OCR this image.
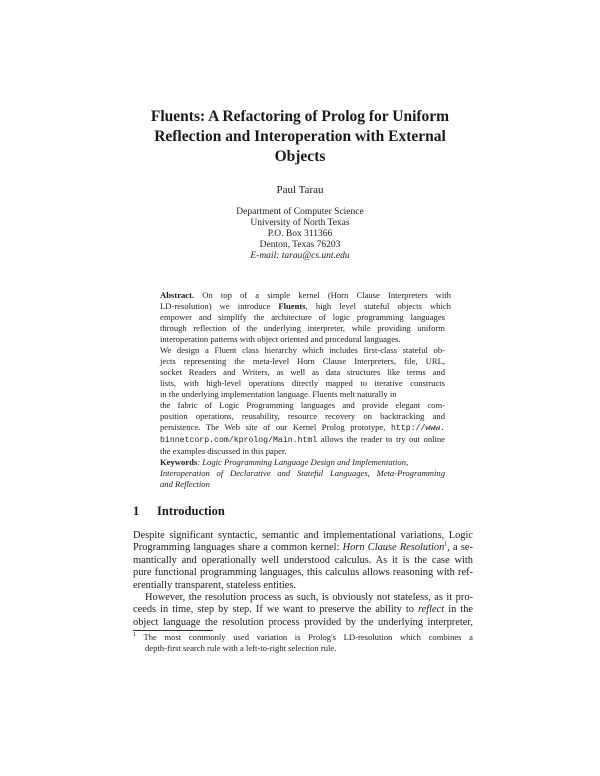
Fluents: A Refactoring of Prolog for Uniform
Reflection and Interoperation with External
Objects
Paul Tarau
Department of Computer Science
University of North Texas
P.O. Box 311366
Denton, Texas 76203
E-mail: tarau@cs.unt.edu
Abstract. On top of a simple kernel (Horn Clause Interpreters with
LD-resolution) we introduce Fluents, high level stateful objects which
empower and simplify the architecture of logic programming languages
through reflection of the underlying interpreter, while providing uniform
interoperation patterns with object oriented and procedural languages.
We design a Fluent class hierarchy which includes first-class stateful ob-
jects representing the meta-level Horn Clause Interpreters, file, URL,
socket Readers and Writers, as well as data structures like terms and
lists, with high-level operations directly mapped to iterative constructs
in the underlying implementation language. Fluents melt naturally in
the fabric of Logic Programming languages and provide elegant com-
position operations, reusability, resource recovery on backtracking and
persistence. The Web site of our Kernel Prolog prototype, http://www.
binnetcorp.com/kprolog/Main.html allows the reader to try out online
the examples discussed in this paper.
Keywords: Logic Programming Language Design and Implementation,
Interoperation of Declarative and Stateful Languages, Meta-Programming
and Reflection
1 Introduction
Despite significant syntactic, semantic and implementational variations, Logic
Programming languages share a common kernel: Horn Clause Resolution$^1$, a se-
mantically and operationally well understood calculus. As it is the case with
pure functional programming languages, this calculus allows reasoning with ref-
erentially transparent, stateless entities.
However, the resolution process as such, is obviously not stateless, as it pro-
ceeds in time, step by step. If we want to preserve the ability to reflect in the
object language the resolution process provided by the underlying interpreter,
$^1$ The most commonly used variation is Prolog's LD-resolution which combines a
depth-first search rule with a left-to-right selection rule.
